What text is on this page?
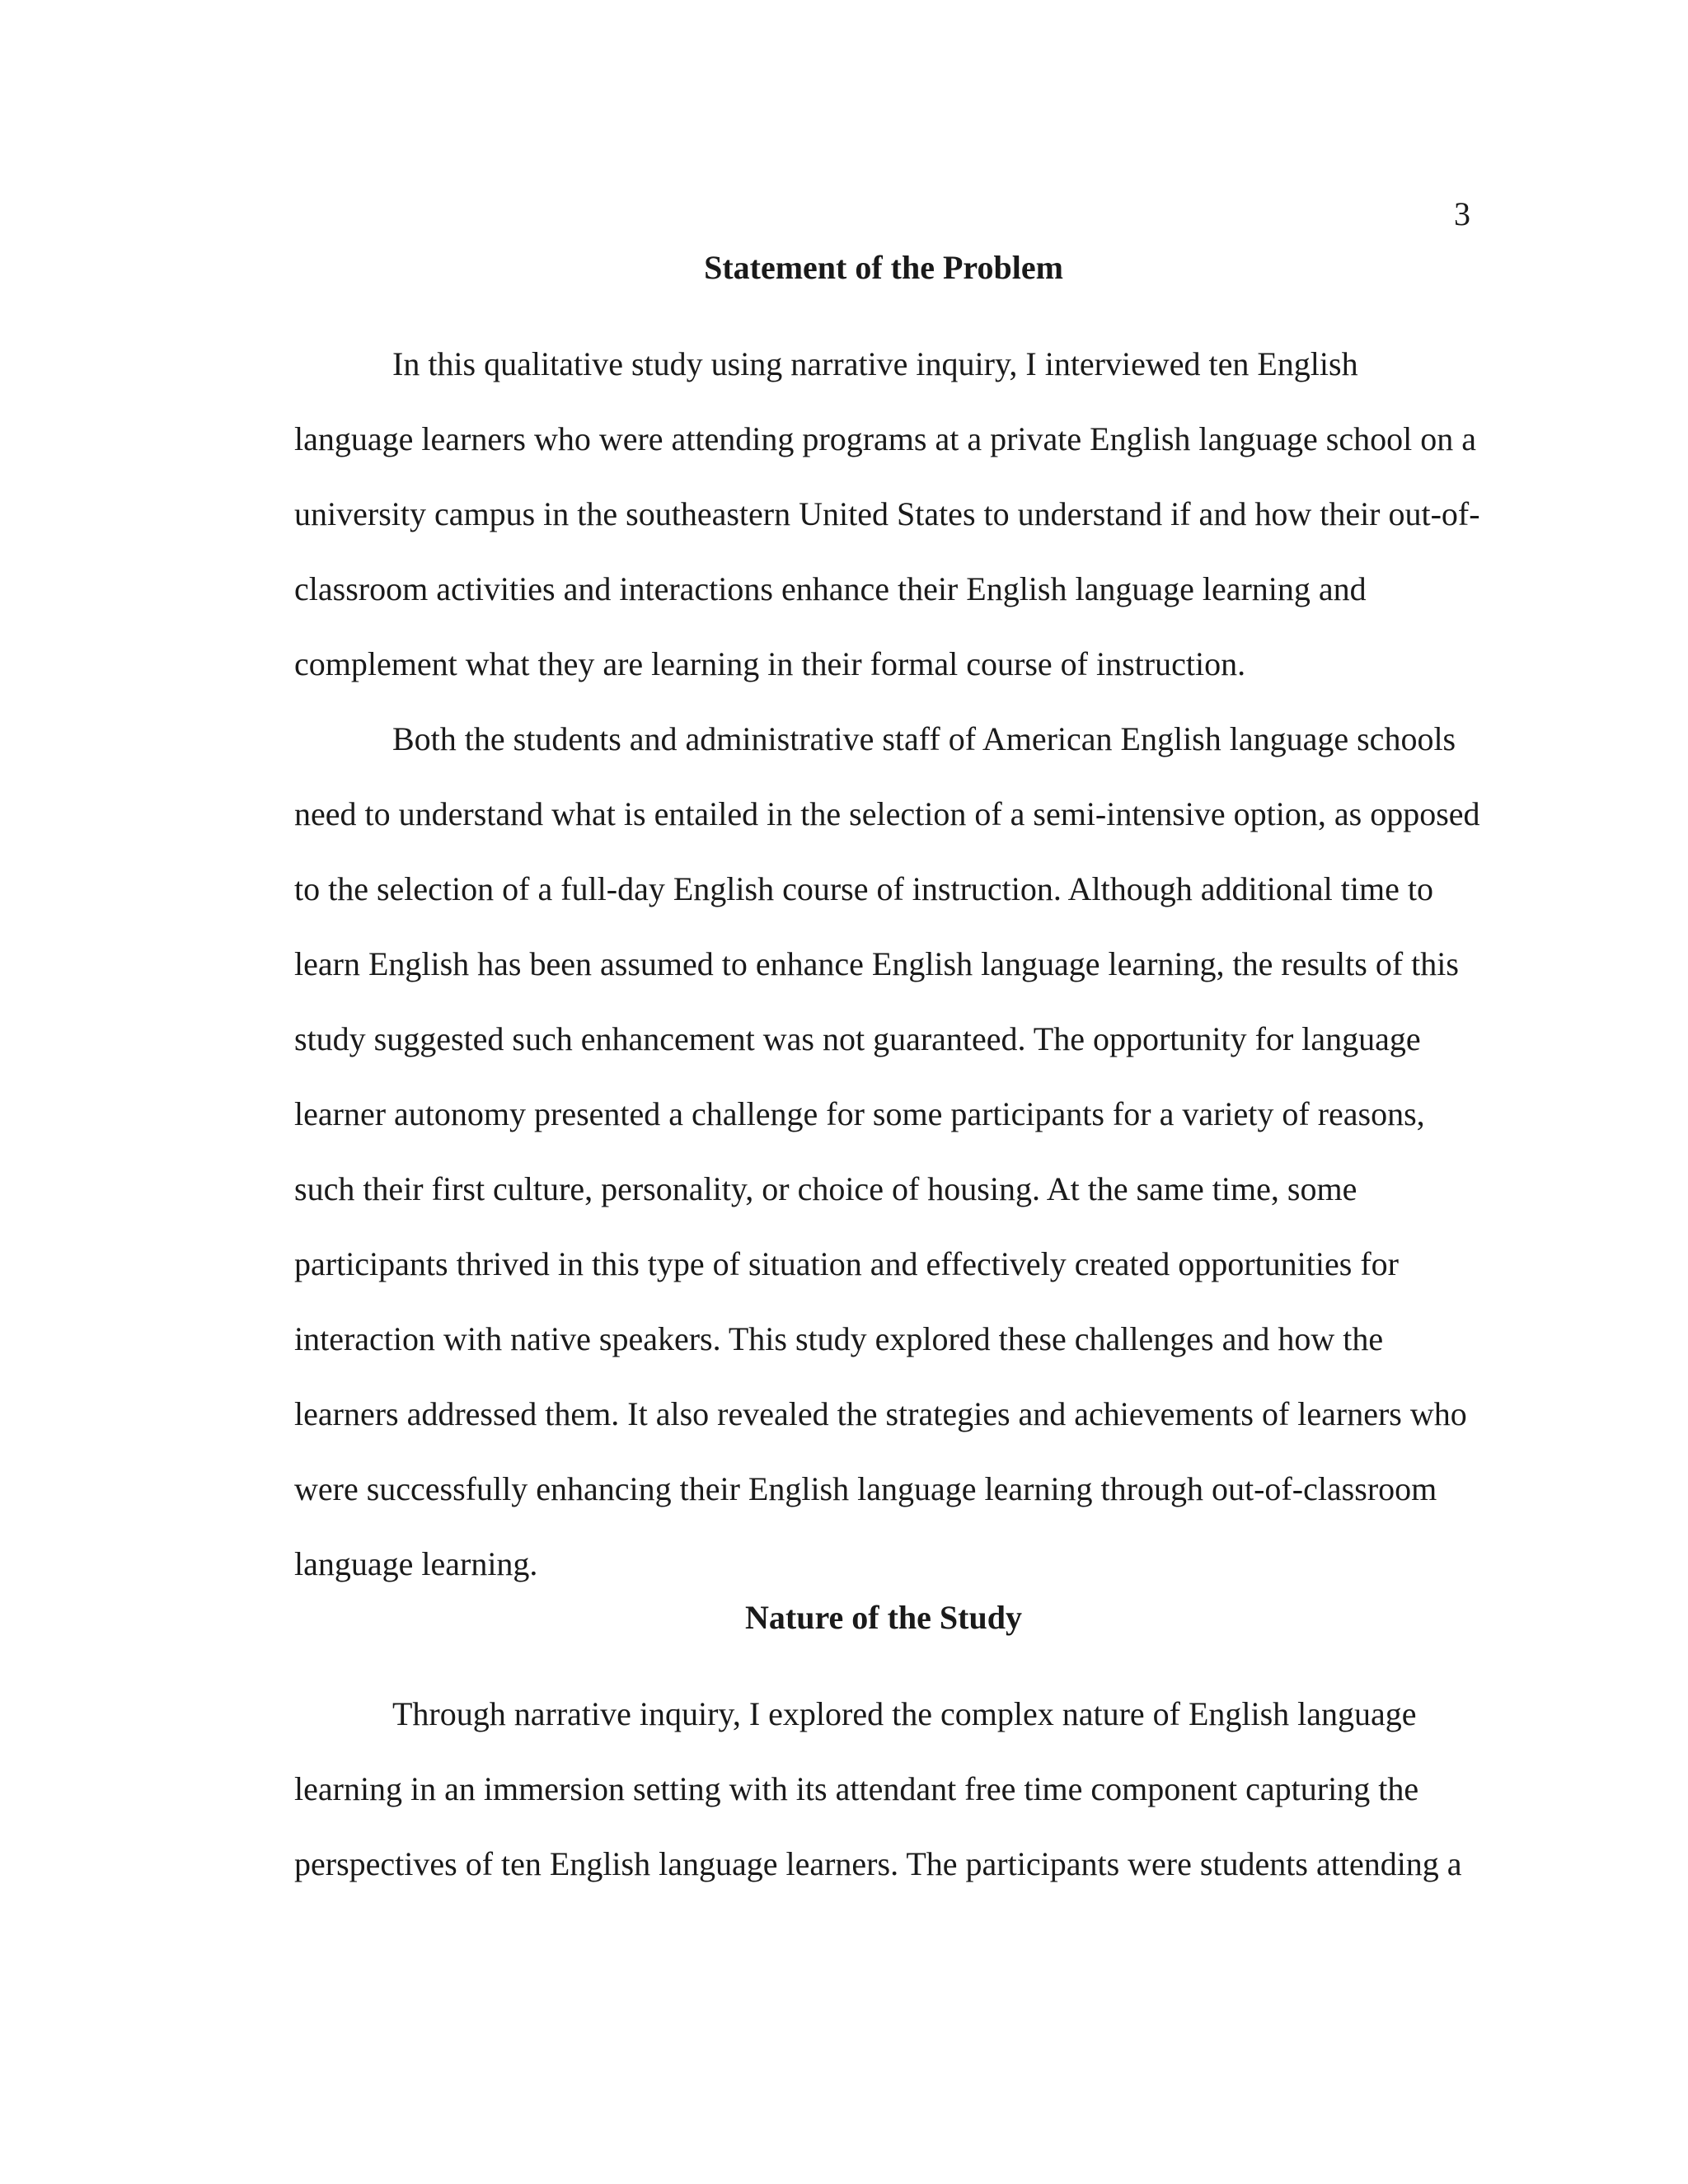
3
Statement of the Problem
In this qualitative study using narrative inquiry, I interviewed ten English
language learners who were attending programs at a private English language school on a
university campus in the southeastern United States to understand if and how their out-of-
classroom activities and interactions enhance their English language learning and
complement what they are learning in their formal course of instruction.
Both the students and administrative staff of American English language schools
need to understand what is entailed in the selection of a semi-intensive option, as opposed
to the selection of a full-day English course of instruction. Although additional time to
learn English has been assumed to enhance English language learning, the results of this
study suggested such enhancement was not guaranteed. The opportunity for language
learner autonomy presented a challenge for some participants for a variety of reasons,
such their first culture, personality, or choice of housing. At the same time, some
participants thrived in this type of situation and effectively created opportunities for
interaction with native speakers. This study explored these challenges and how the
learners addressed them. It also revealed the strategies and achievements of learners who
were successfully enhancing their English language learning through out-of-classroom
language learning.
Nature of the Study
Through narrative inquiry, I explored the complex nature of English language
learning in an immersion setting with its attendant free time component capturing the
perspectives of ten English language learners. The participants were students attending a
